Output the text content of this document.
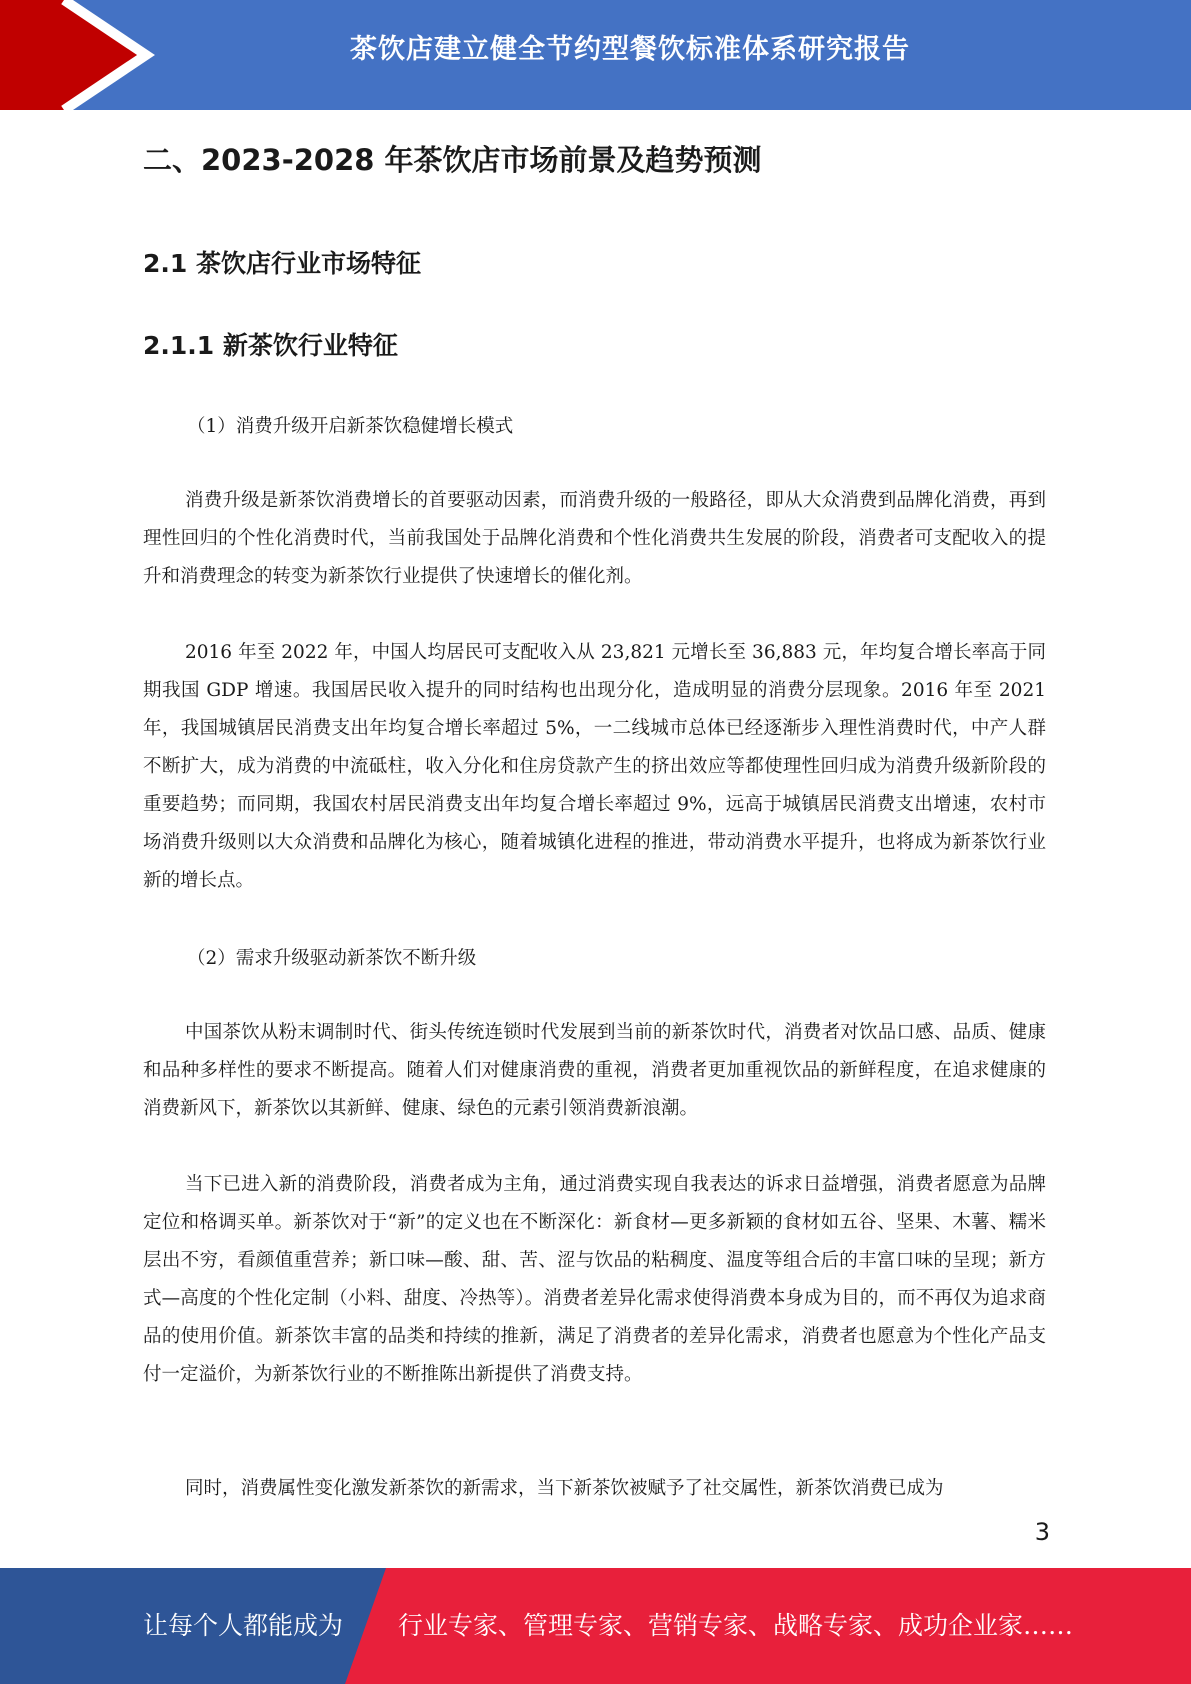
茶饮店建立健全节约型餐饮标准体系研究报告
二、2023-2028 年茶饮店市场前景及趋势预测
2.1 茶饮店行业市场特征
2.1.1 新茶饮行业特征
（1）消费升级开启新茶饮稳健增长模式

消费升级是新茶饮消费增长的首要驱动因素，而消费升级的一般路径，即从大众消费到品牌化消费，再到理性回归的个性化消费时代，当前我国处于品牌化消费和个性化消费共生发展的阶段，消费者可支配收入的提升和消费理念的转变为新茶饮行业提供了快速增长的催化剂。

2016 年至 2022 年，中国人均居民可支配收入从 23,821 元增长至 36,883 元，年均复合增长率高于同期我国 GDP 增速。我国居民收入提升的同时结构也出现分化，造成明显的消费分层现象。2016 年至 2021 年，我国城镇居民消费支出年均复合增长率超过 5%，一二线城市总体已经逐渐步入理性消费时代，中产人群不断扩大，成为消费的中流砥柱，收入分化和住房贷款产生的挤出效应等都使理性回归成为消费升级新阶段的重要趋势；而同期，我国农村居民消费支出年均复合增长率超过 9%，远高于城镇居民消费支出增速，农村市场消费升级则以大众消费和品牌化为核心，随着城镇化进程的推进，带动消费水平提升，也将成为新茶饮行业新的增长点。

（2）需求升级驱动新茶饮不断升级

中国茶饮从粉末调制时代、街头传统连锁时代发展到当前的新茶饮时代，消费者对饮品口感、品质、健康和品种多样性的要求不断提高。随着人们对健康消费的重视，消费者更加重视饮品的新鲜程度，在追求健康的消费新风下，新茶饮以其新鲜、健康、绿色的元素引领消费新浪潮。

当下已进入新的消费阶段，消费者成为主角，通过消费实现自我表达的诉求日益增强，消费者愿意为品牌定位和格调买单。新茶饮对于“新”的定义也在不断深化：新食材—更多新颖的食材如五谷、坚果、木薯、糯米层出不穷，看颜值重营养；新口味—酸、甜、苦、涩与饮品的粘稠度、温度等组合后的丰富口味的呈现；新方式—高度的个性化定制（小料、甜度、冷热等）。消费者差异化需求使得消费本身成为目的，而不再仅为追求商品的使用价值。新茶饮丰富的品类和持续的推新，满足了消费者的差异化需求，消费者也愿意为个性化产品支付一定溢价，为新茶饮行业的不断推陈出新提供了消费支持。

同时，消费属性变化激发新茶饮的新需求，当下新茶饮被赋予了社交属性，新茶饮消费已成为

3
让每个人都能成为 行业专家、管理专家、营销专家、战略专家、成功企业家……
